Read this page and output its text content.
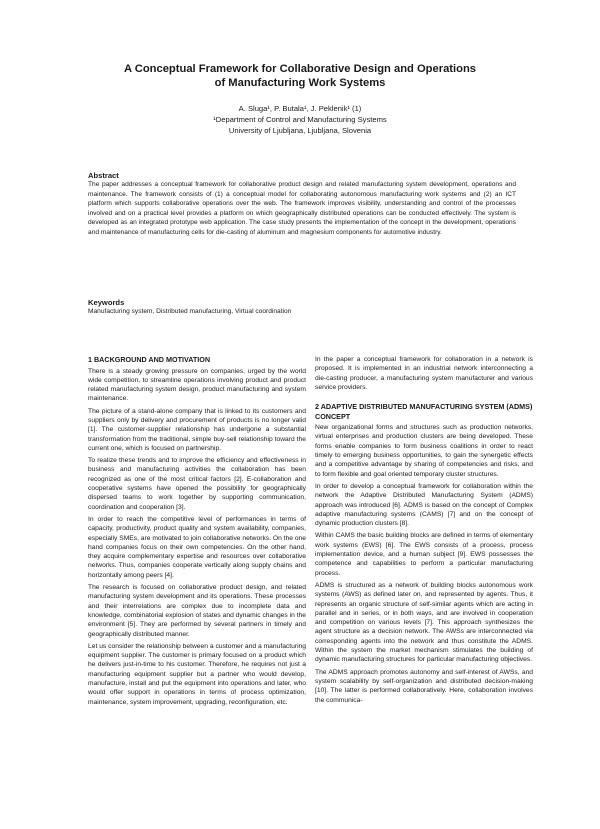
A Conceptual Framework for Collaborative Design and Operations
of Manufacturing Work Systems
A. Sluga¹, P. Butala¹, J. Peklenik¹ (1)
¹Department of Control and Manufacturing Systems
University of Ljubljana, Ljubljana, Slovenia
Abstract

The paper addresses a conceptual framework for collaborative product design and related manufacturing system development, operations and maintenance. The framework consists of (1) a conceptual model for collaborating autonomous manufacturing work systems and (2) an ICT platform which supports collaborative operations over the web. The framework improves visibility, understanding and control of the processes involved and on a practical level provides a platform on which geographically distributed operations can be conducted effectively. The system is developed as an integrated prototype web application. The case study presents the implementation of the concept in the development, operations and maintenance of manufacturing cells for die-casting of aluminum and magnesium components for automotive industry.

Keywords

Manufacturing system, Distributed manufacturing, Virtual coordination

1 BACKGROUND AND MOTIVATION

There is a steady growing pressure on companies, urged by the world wide competition, to streamline operations involving product and product related manufacturing system design, product manufacturing and system maintenance.

The picture of a stand-alone company that is linked to its customers and suppliers only by delivery and procurement of products is no longer valid [1]. The customer-supplier relationship has undergone a substantial transformation from the traditional, simple buy-sell relationship toward the current one, which is focused on partnership.

To realize these trends and to improve the efficiency and effectiveness in business and manufacturing activities the collaboration has been recognized as one of the most critical factors [2]. E-collaboration and cooperative systems have opened the possibility for geographically dispersed teams to work together by supporting communication, coordination and cooperation [3].

In order to reach the competitive level of performances in terms of capacity, productivity, product quality and system availability, companies, especially SMEs, are motivated to join collaborative networks. On the one hand companies focus on their own competencies. On the other hand, they acquire complementary expertise and resources over collaborative networks. Thus, companies cooperate vertically along supply chains and horizontally among peers [4].

The research is focused on collaborative product design, and related manufacturing system development and its operations. These processes and their interrelations are complex due to incomplete data and knowledge, combinatorial explosion of states and dynamic changes in the environment [5]. They are performed by several partners in timely and geographically distributed manner.

Let us consider the relationship between a customer and a manufacturing equipment supplier. The customer is primary focused on a product which he delivers just-in-time to his customer. Therefore, he requires not just a manufacturing equipment supplier but a partner who would develop, manufacture, install and put the equipment into operations and later, who would offer support in operations in terms of process optimization, maintenance, system improvement, upgrading, reconfiguration, etc.

In the paper a conceptual framework for collaboration in a network is proposed. It is implemented in an industrial network interconnecting a die-casting producer, a manufacturing system manufacturer and various service providers.

2 ADAPTIVE DISTRIBUTED MANUFACTURING SYSTEM (ADMS) CONCEPT

New organizational forms and structures such as production networks, virtual enterprises and production clusters are being developed. These forms enable companies to form business coalitions in order to react timely to emerging business opportunities, to gain the synergetic effects and a competitive advantage by sharing of competencies and risks, and to form flexible and goal oriented temporary cluster structures.

In order to develop a conceptual framework for collaboration within the network the Adaptive Distributed Manufacturing System (ADMS) approach was introduced [6]. ADMS is based on the concept of Complex adaptive manufacturing systems (CAMS) [7] and on the concept of dynamic production clusters [8].

Within CAMS the basic building blocks are defined in terms of elementary work systems (EWS) [6]. The EWS consists of a process, process implementation device, and a human subject [9]. EWS possesses the competence and capabilities to perform a particular manufacturing process.

ADMS is structured as a network of building blocks autonomous work systems (AWS) as defined later on, and represented by agents. Thus, it represents an organic structure of self-similar agents which are acting in parallel and in series, or in both ways, and are involved in cooperation and competition on various levels [7]. This approach synthesizes the agent structure as a decision network. The AWSs are interconnected via corresponding agents into the network and thus constitute the ADMS. Within the system the market mechanism stimulates the building of dynamic manufacturing structures for particular manufacturing objectives.

The ADMS approach promotes autonomy and self-interest of AWSs, and system scalability by self-organization and distributed decision-making [10]. The latter is performed collaboratively. Here, collaboration involves the communica-
